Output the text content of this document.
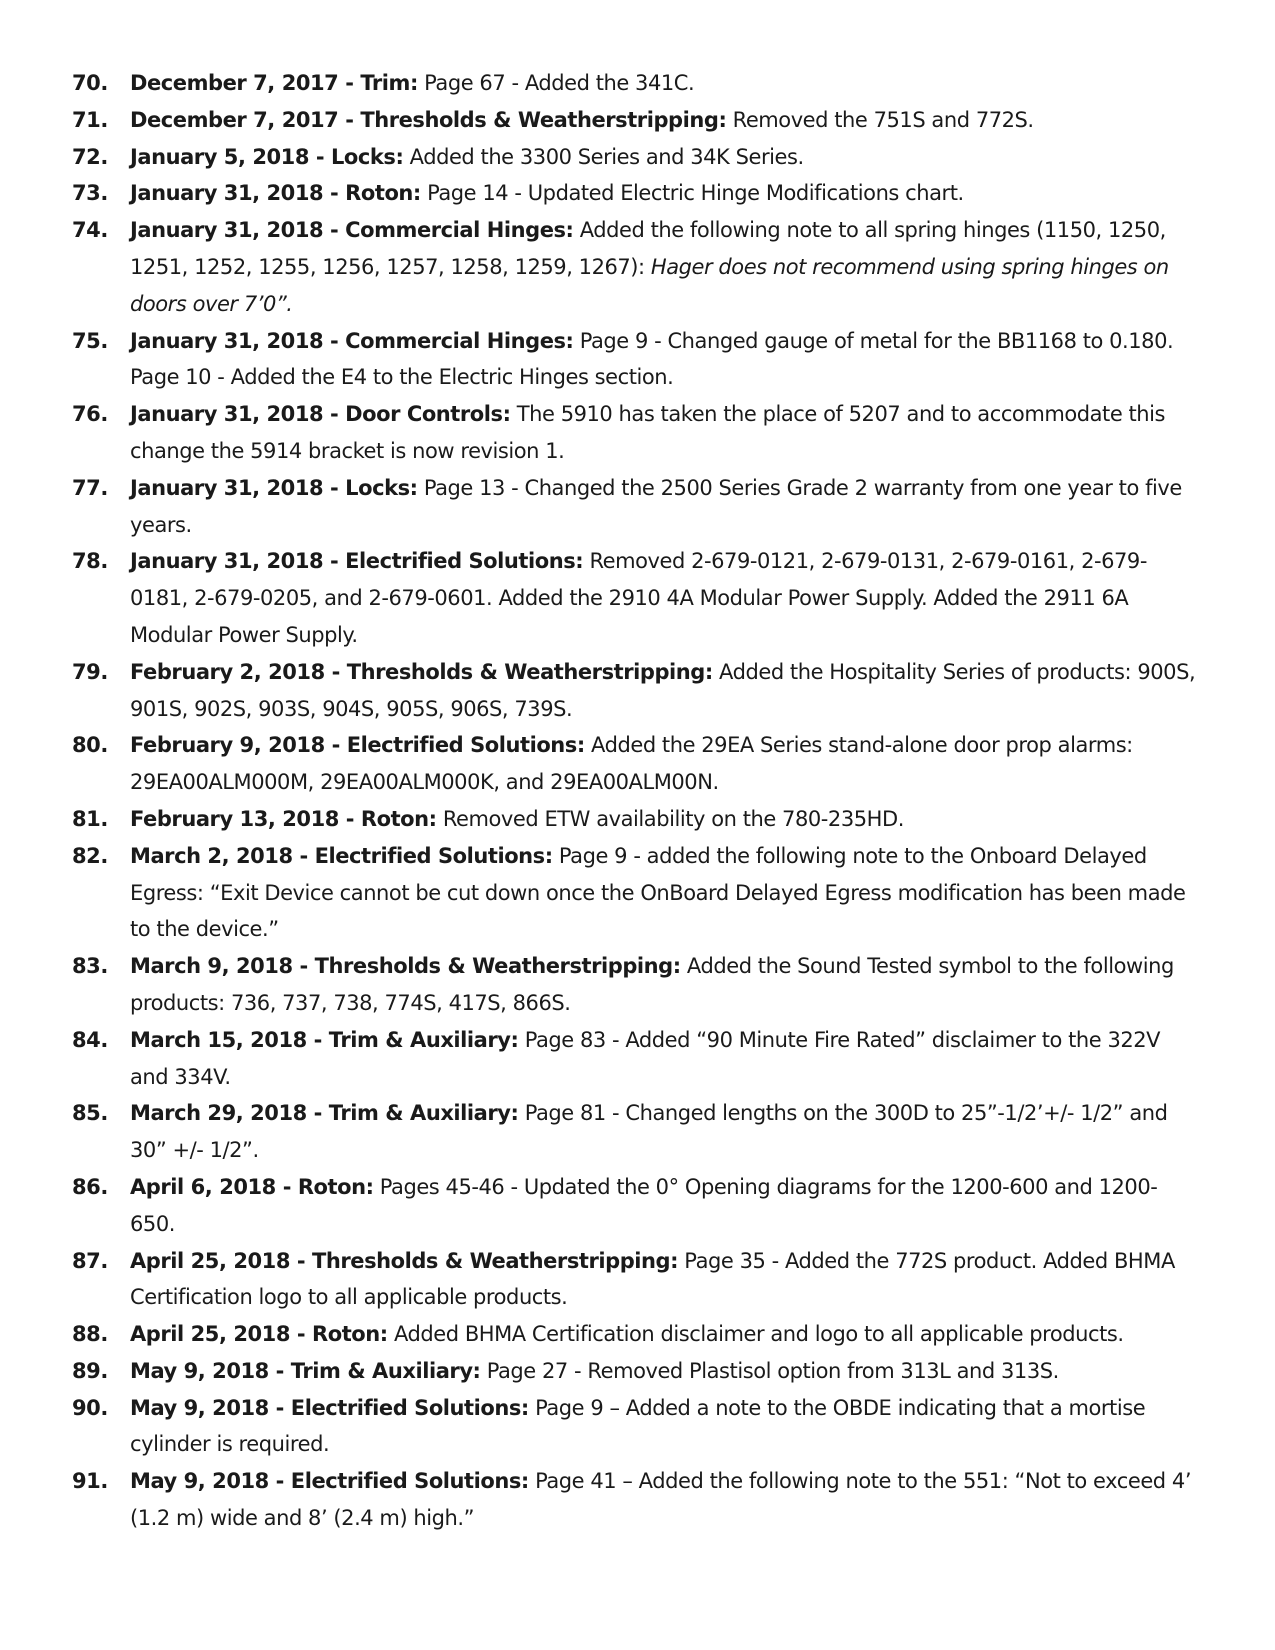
70.	December 7, 2017 - Trim: Page 67 - Added the 341C.
71.	December 7, 2017 - Thresholds & Weatherstripping: Removed the 751S and 772S.
72.	January 5, 2018 - Locks: Added the 3300 Series and 34K Series.
73.	January 31, 2018 - Roton: Page 14 - Updated Electric Hinge Modifications chart.
74.	January 31, 2018 - Commercial Hinges: Added the following note to all spring hinges (1150, 1250, 1251, 1252, 1255, 1256, 1257, 1258, 1259, 1267): Hager does not recommend using spring hinges on doors over 7’0”.
75.	January 31, 2018 - Commercial Hinges: Page 9 - Changed gauge of metal for the BB1168 to 0.180. Page 10 - Added the E4 to the Electric Hinges section.
76.	January 31, 2018 - Door Controls: The 5910 has taken the place of 5207 and to accommodate this change the 5914 bracket is now revision 1.
77.	January 31, 2018 - Locks: Page 13 - Changed the 2500 Series Grade 2 warranty from one year to five years.
78.	January 31, 2018 - Electrified Solutions: Removed 2-679-0121, 2-679-0131, 2-679-0161, 2-679-0181, 2-679-0205, and 2-679-0601. Added the 2910 4A Modular Power Supply. Added the 2911 6A Modular Power Supply.
79.	February 2, 2018 - Thresholds & Weatherstripping: Added the Hospitality Series of products: 900S, 901S, 902S, 903S, 904S, 905S, 906S, 739S.
80.	February 9, 2018 - Electrified Solutions: Added the 29EA Series stand-alone door prop alarms: 29EA00ALM000M, 29EA00ALM000K, and 29EA00ALM00N.
81.	February 13, 2018 - Roton: Removed ETW availability on the 780-235HD.
82.	March 2, 2018 - Electrified Solutions: Page 9 - added the following note to the Onboard Delayed Egress: “Exit Device cannot be cut down once the OnBoard Delayed Egress modification has been made to the device.”
83.	March 9, 2018 - Thresholds & Weatherstripping: Added the Sound Tested symbol to the following products: 736, 737, 738, 774S, 417S, 866S.
84.	March 15, 2018 - Trim & Auxiliary: Page 83 - Added “90 Minute Fire Rated” disclaimer to the 322V and 334V.
85.	March 29, 2018 - Trim & Auxiliary: Page 81 - Changed lengths on the 300D to 25”-1/2’+/- 1/2” and 30” +/- 1/2”.
86.	April 6, 2018 - Roton: Pages 45-46 - Updated the 0° Opening diagrams for the 1200-600 and 1200-650.
87.	April 25, 2018 - Thresholds & Weatherstripping: Page 35 - Added the 772S product. Added BHMA Certification logo to all applicable products.
88.	April 25, 2018 - Roton: Added BHMA Certification disclaimer and logo to all applicable products.
89.	May 9, 2018 - Trim & Auxiliary: Page 27 - Removed Plastisol option from 313L and 313S.
90.	May 9, 2018 - Electrified Solutions: Page 9 – Added a note to the OBDE indicating that a mortise cylinder is required.
91.	May 9, 2018 - Electrified Solutions: Page 41 – Added the following note to the 551: “Not to exceed 4’ (1.2 m) wide and 8’ (2.4 m) high.”
